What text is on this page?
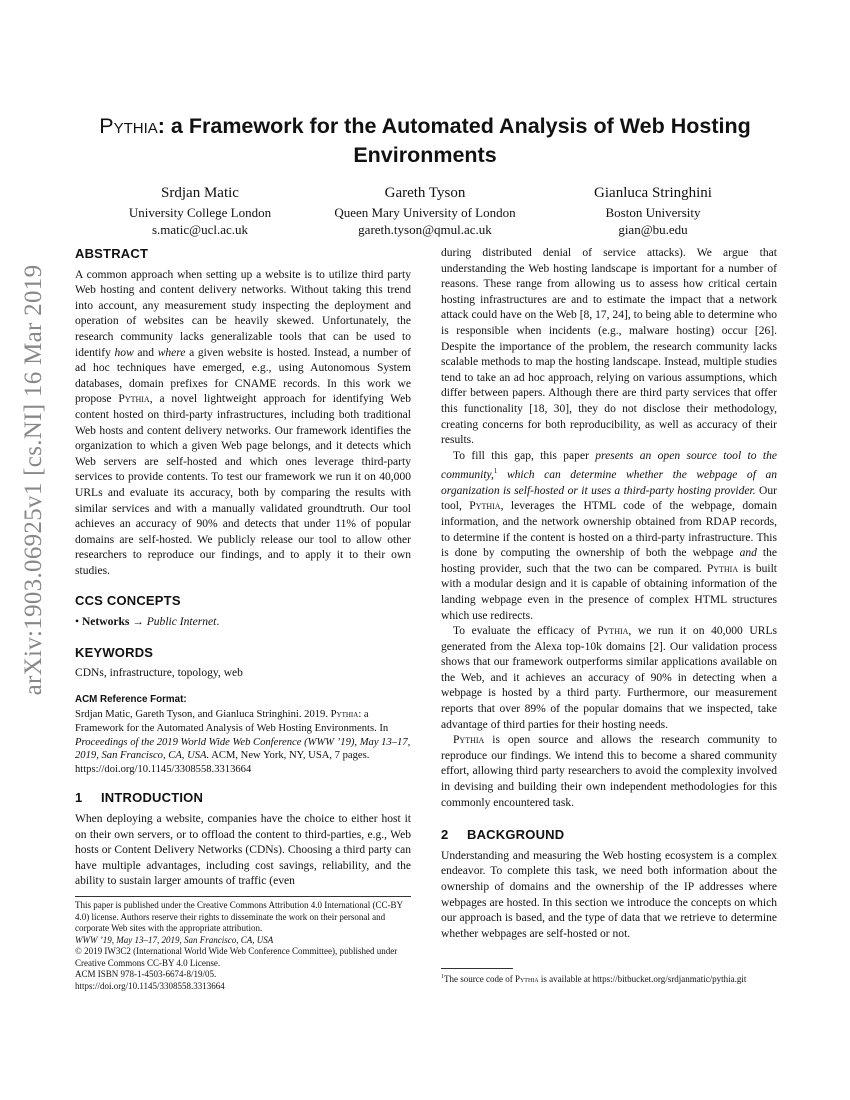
arXiv:1903.06925v1 [cs.NI] 16 Mar 2019
Pythia: a Framework for the Automated Analysis of Web Hosting Environments
Srdjan Matic
University College London
s.matic@ucl.ac.uk
Gareth Tyson
Queen Mary University of London
gareth.tyson@qmul.ac.uk
Gianluca Stringhini
Boston University
gian@bu.edu
ABSTRACT

A common approach when setting up a website is to utilize third party Web hosting and content delivery networks. Without taking this trend into account, any measurement study inspecting the deployment and operation of websites can be heavily skewed. Unfortunately, the research community lacks generalizable tools that can be used to identify how and where a given website is hosted. Instead, a number of ad hoc techniques have emerged, e.g., using Autonomous System databases, domain prefixes for CNAME records. In this work we propose Pythia, a novel lightweight approach for identifying Web content hosted on third-party infrastructures, including both traditional Web hosts and content delivery networks. Our framework identifies the organization to which a given Web page belongs, and it detects which Web servers are self-hosted and which ones leverage third-party services to provide contents. To test our framework we run it on 40,000 URLs and evaluate its accuracy, both by comparing the results with similar services and with a manually validated groundtruth. Our tool achieves an accuracy of 90% and detects that under 11% of popular domains are self-hosted. We publicly release our tool to allow other researchers to reproduce our findings, and to apply it to their own studies.

CCS CONCEPTS

• Networks → Public Internet.

KEYWORDS

CDNs, infrastructure, topology, web

ACM Reference Format:

Srdjan Matic, Gareth Tyson, and Gianluca Stringhini. 2019. Pythia: a Framework for the Automated Analysis of Web Hosting Environments. In Proceedings of the 2019 World Wide Web Conference (WWW ’19), May 13–17, 2019, San Francisco, CA, USA. ACM, New York, NY, USA, 7 pages. https://doi.org/10.1145/3308558.3313664

1 INTRODUCTION

When deploying a website, companies have the choice to either host it on their own servers, or to offload the content to third-parties, e.g., Web hosts or Content Delivery Networks (CDNs). Choosing a third party can have multiple advantages, including cost savings, reliability, and the ability to sustain larger amounts of traffic (even

This paper is published under the Creative Commons Attribution 4.0 International (CC-BY 4.0) license. Authors reserve their rights to disseminate the work on their personal and corporate Web sites with the appropriate attribution.
WWW ’19, May 13–17, 2019, San Francisco, CA, USA
© 2019 IW3C2 (International World Wide Web Conference Committee), published under Creative Commons CC-BY 4.0 License.
ACM ISBN 978-1-4503-6674-8/19/05.
https://doi.org/10.1145/3308558.3313664

during distributed denial of service attacks). We argue that understanding the Web hosting landscape is important for a number of reasons. These range from allowing us to assess how critical certain hosting infrastructures are and to estimate the impact that a network attack could have on the Web [8, 17, 24], to being able to determine who is responsible when incidents (e.g., malware hosting) occur [26]. Despite the importance of the problem, the research community lacks scalable methods to map the hosting landscape. Instead, multiple studies tend to take an ad hoc approach, relying on various assumptions, which differ between papers. Although there are third party services that offer this functionality [18, 30], they do not disclose their methodology, creating concerns for both reproducibility, as well as accuracy of their results.

To fill this gap, this paper presents an open source tool to the community,$^1$ which can determine whether the webpage of an organization is self-hosted or it uses a third-party hosting provider. Our tool, Pythia, leverages the HTML code of the webpage, domain information, and the network ownership obtained from RDAP records, to determine if the content is hosted on a third-party infrastructure. This is done by computing the ownership of both the webpage and the hosting provider, such that the two can be compared. Pythia is built with a modular design and it is capable of obtaining information of the landing webpage even in the presence of complex HTML structures which use redirects.

To evaluate the efficacy of Pythia, we run it on 40,000 URLs generated from the Alexa top-10k domains [2]. Our validation process shows that our framework outperforms similar applications available on the Web, and it achieves an accuracy of 90% in detecting when a webpage is hosted by a third party. Furthermore, our measurement reports that over 89% of the popular domains that we inspected, take advantage of third parties for their hosting needs.

Pythia is open source and allows the research community to reproduce our findings. We intend this to become a shared community effort, allowing third party researchers to avoid the complexity involved in devising and building their own independent methodologies for this commonly encountered task.

2 BACKGROUND

Understanding and measuring the Web hosting ecosystem is a complex endeavor. To complete this task, we need both information about the ownership of domains and the ownership of the IP addresses where webpages are hosted. In this section we introduce the concepts on which our approach is based, and the type of data that we retrieve to determine whether webpages are self-hosted or not.

$^1$The source code of Pythia is available at https://bitbucket.org/srdjanmatic/pythia.git
